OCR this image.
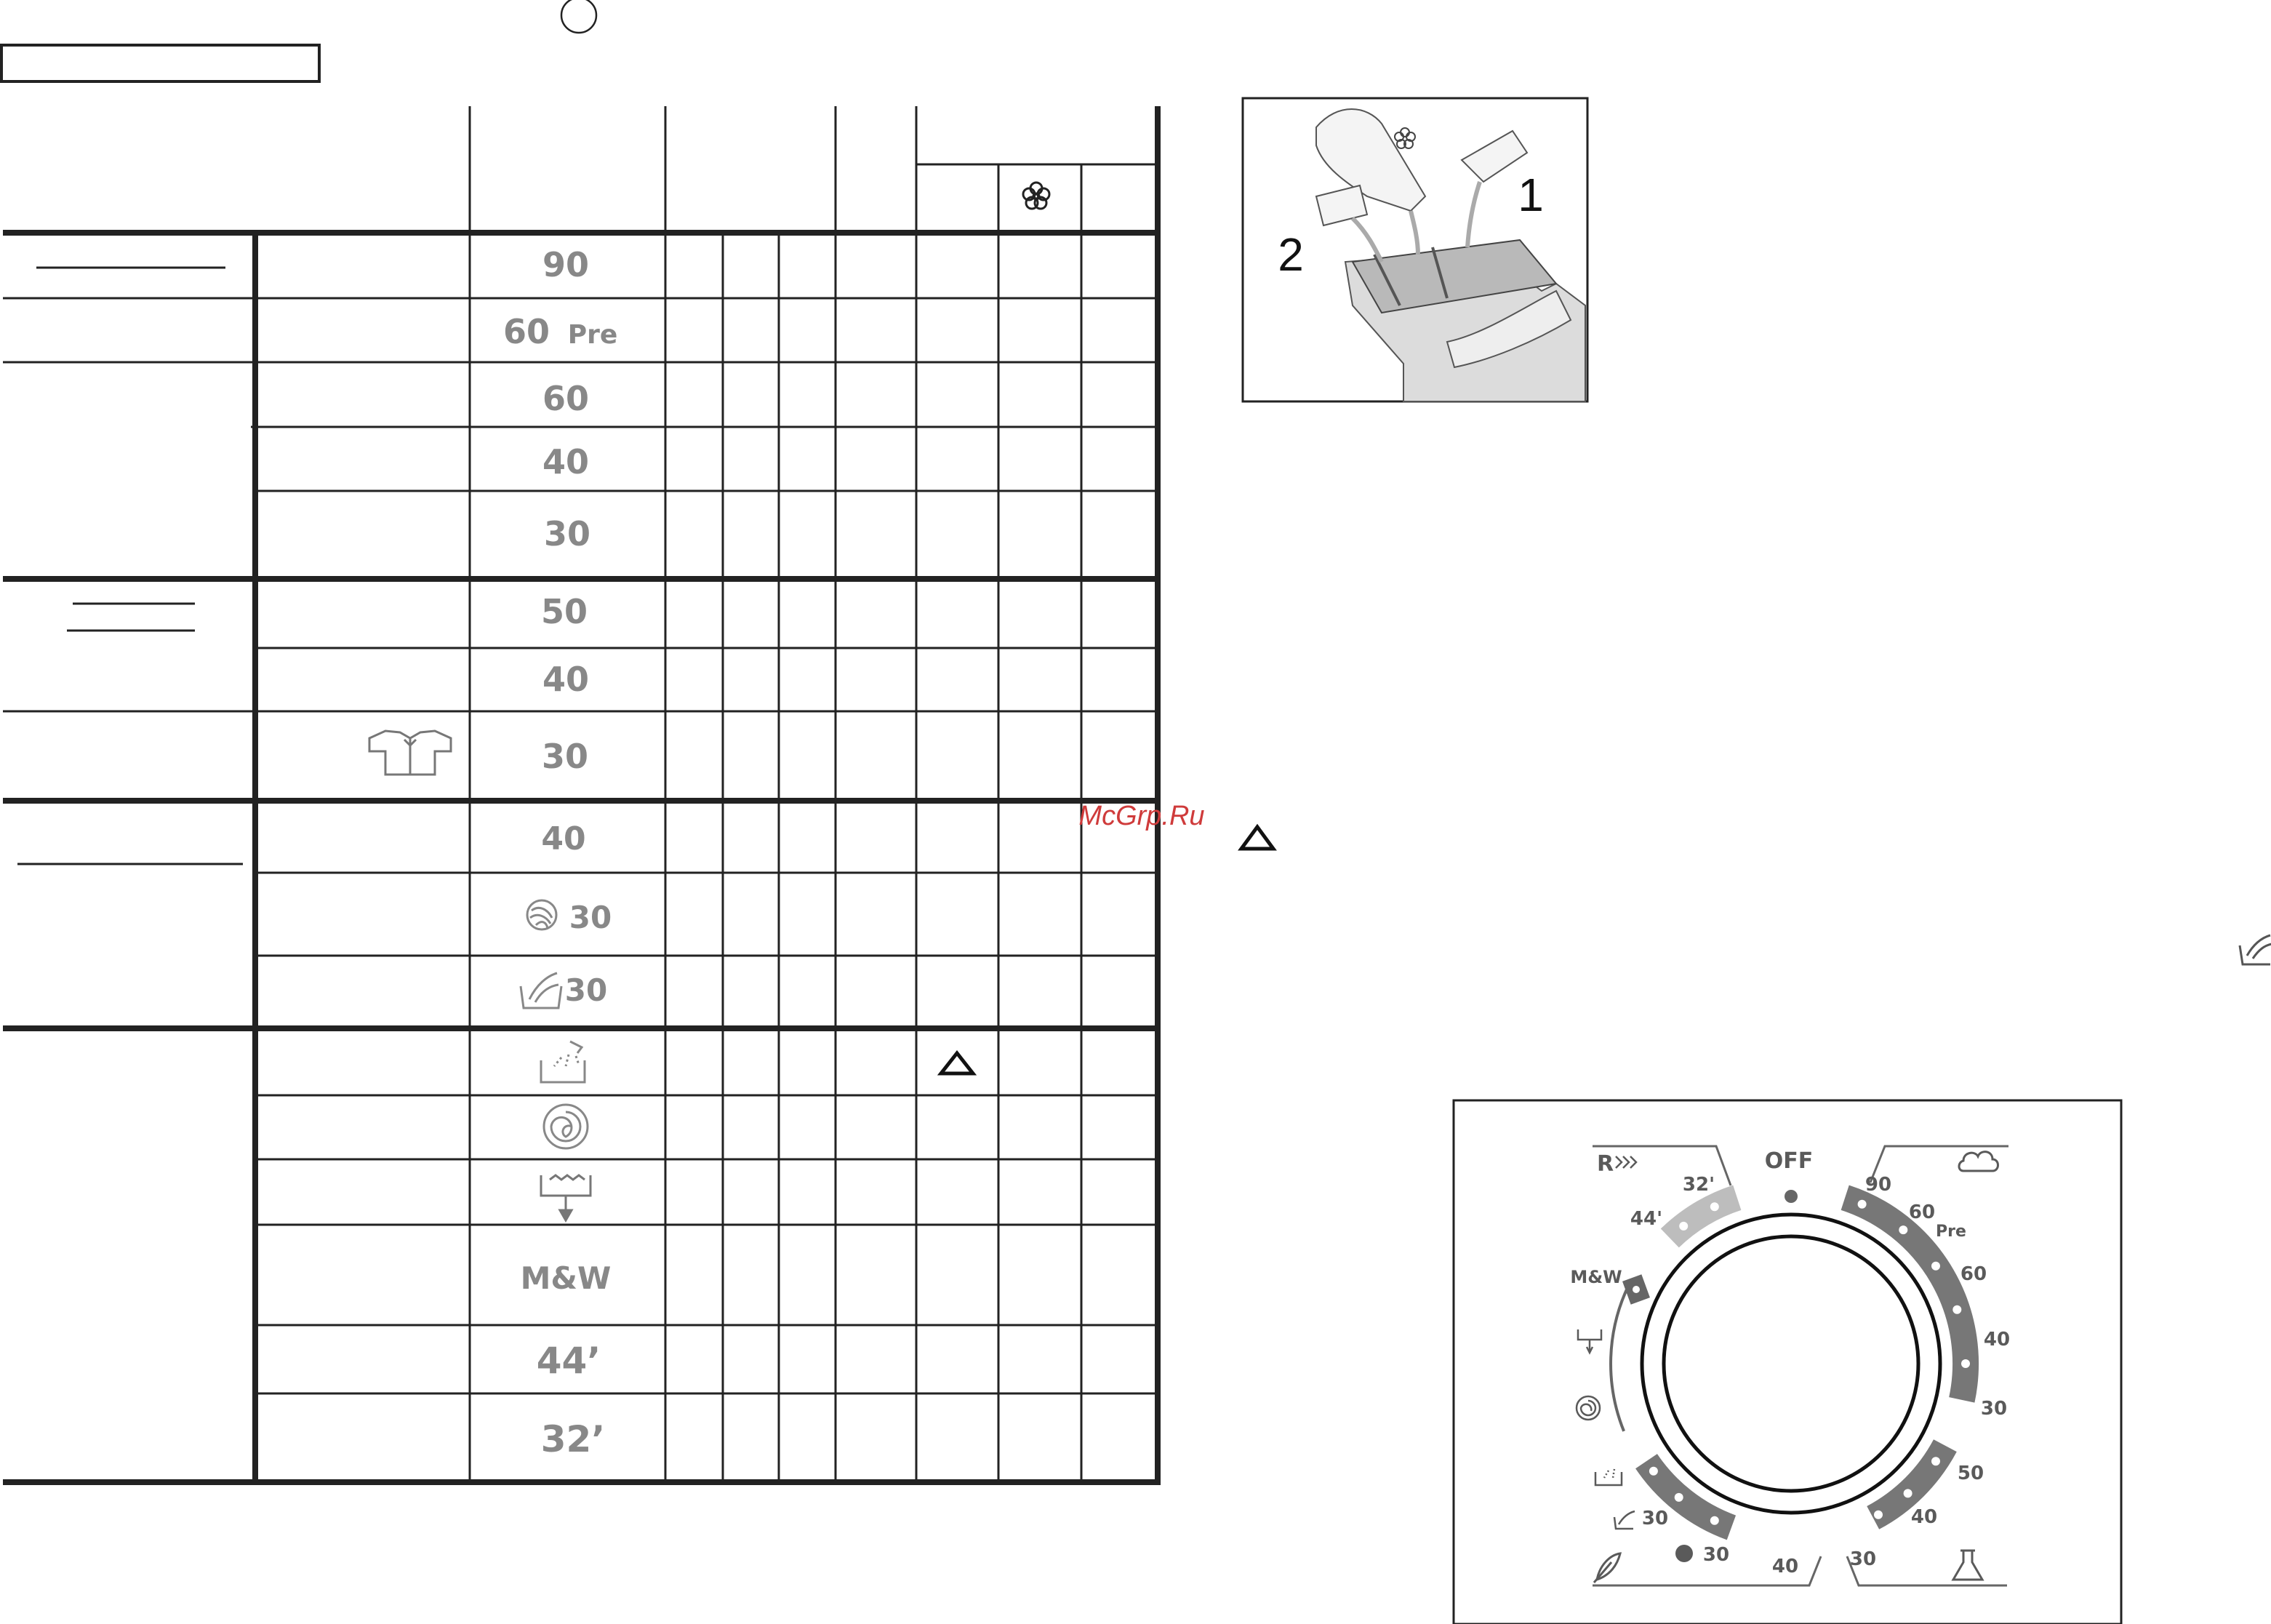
90
60 Pre
60
40
30
50
40
30
40
30
30
M&W
44’
32’
1
2
McGrp.Ru
OFF
R
32'
44'
M&W
90
60
Pre
60
40
30
50
40
30
40
30
30
